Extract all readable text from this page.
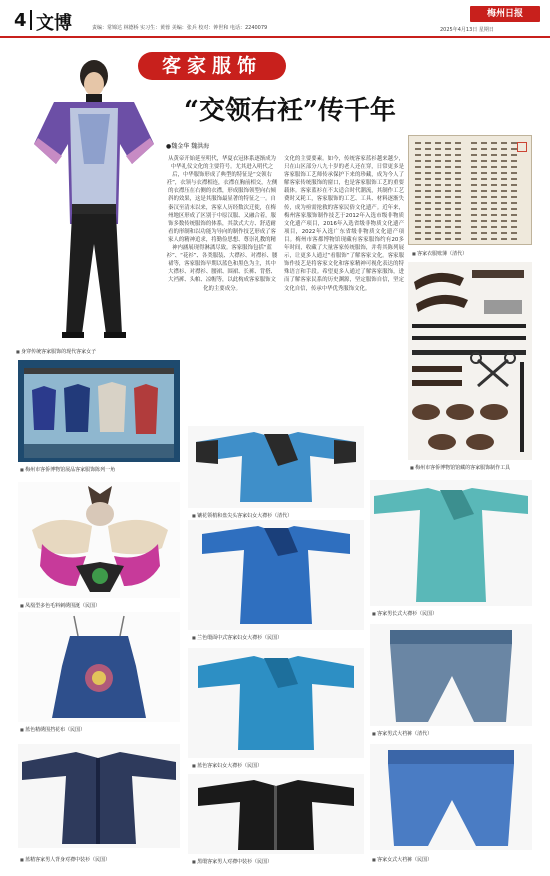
4 文博	责编：常锦达 林德桥 实习生：黄蓉 美编：张兵 校对：钟世和 电话：2240079
梅州日报
2025年4月13日 星期日
客家服饰
“交领右衽”传千年
■ 身穿传统客家服饰的现代客家女子
●魏金华 魏洪海
从黄帝开始延至明代，华夏衣冠体系逐渐成为中华礼仪文化的主要符号。尤其进入明代之后，中华服饰形成了典型的特征是“交领右衽”，衣领与衣襟相连，衣襟在胸前相交，左侧的衣襟压在右侧的衣襟，形成服饰领型向右倾斜的效果，这是其服饰最显著的特征之一。自秦汉至清末以来，客家人历经数次迁徙，在梅州地区形成了区别于中原汉服、又融合着，服饰多数传统服饰的体系，其款式大方、舒适耐看的形制和以功能为导向的制作技艺形成了客家人的精神追求，将勤俭思想、尊崇礼教的精神内涵展现得淋漓尽致。客家服饰包括“蓝衫”、“花衫”、各类服装、大襟衫、对襟衫、腰裙等，客家服饰早期以蓝色和黑色为主，其中大襟衫、对襟衫、腰裙、围裙、长裤、背搭、大裆裤、头帕、凉帽等，以此构成客家服饰文化的主要成分。
文化的主要要素。如今，传统客家蓝衫越来越少，只在山区部分八九十岁的老人还在穿，日常更多是客家服饰工艺师传承保护下来的珍藏，成为今人了解客家传统服饰的窗口，也是客家服饰工艺的重要载体。客家蓝衫在不太适合时代潮流，其制作工艺费时又耗工，客家服饰的工艺、工具、材料逐渐失传，成为亟需抢救的客家民俗文化遗产。近年来，梅州客家服饰制作技艺于2012年入选市级非物质文化遗产项目，2016年入选省级非物质文化遗产项目，2022年入选广东省级非物质文化遗产项目。梅州市客都博物馆现藏有客家服饰约有20多年时间，收藏了大量客家传统服饰，并将其陈列展示，让更多人通过“看服饰”了解客家文化。客家服饰作技艺是将客家文化和客家精神可视化表达的特殊语言和手段。希望更多人通过了解客家服饰，进而了解客家民系的历史渊源，坚定服饰自信，坚定文化自信，传承中华优秀服饰文化。
■ 客家衣服账簿（清代）
■ 梅州市客侨博物馆馆藏的客家服饰制作工具
■ 梅州市客侨博物馆展品客家服饰陈列一角
■ 镶花领梢和盘尖头客家妇女大襟衫（清代）
■ 凤凰型多色毛料刺绣围涎（民国）
■ 兰色缎面中式客家妇女大襟衫（民国）
■ 客家男长式大襟衫（民国）
■ 蓝色精绣围挡花布（民国）
■ 蓝色客家妇女大襟衫（民国）
■ 客家男式大裆裤（清代）
■ 蓝精客家男人背身对襟中装衫（民国）	■ 黑缎客家男人对襟中装衫（民国）	■ 客家女式大裆裤（民国）
